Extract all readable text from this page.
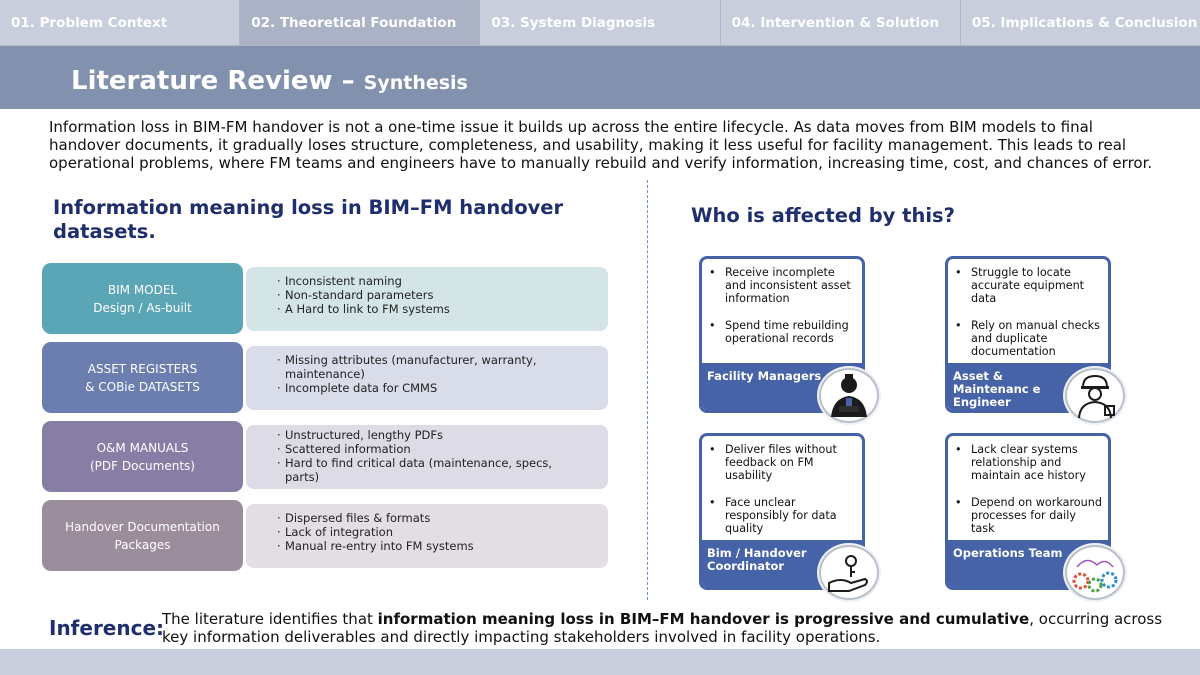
01. Problem Context	02. Theoretical Foundation	03. System Diagnosis	04. Intervention & Solution	05. Implications & Conclusion
Literature Review – Synthesis

Information loss in BIM-FM handover is not a one-time issue it builds up across the entire lifecycle. As data moves from BIM models to final handover documents, it gradually loses structure, completeness, and usability, making it less useful for facility management. This leads to real operational problems, where FM teams and engineers have to manually rebuild and verify information, increasing time, cost, and chances of error.

Information meaning loss in BIM–FM handover datasets.
BIM MODEL
Design / As-built
· Inconsistent naming
· Non-standard parameters
· A Hard to link to FM systems
ASSET REGISTERS
& COBie DATASETS
· Missing attributes (manufacturer, warranty, maintenance)
· Incomplete data for CMMS
O&M MANUALS
(PDF Documents)
· Unstructured, lengthy PDFs
· Scattered information
· Hard to find critical data (maintenance, specs, parts)
Handover Documentation
Packages
· Dispersed files & formats
· Lack of integration
· Manual re-entry into FM systems
Who is affected by this?
• Receive incomplete and inconsistent asset information
• Spend time rebuilding operational records
Facility Managers
• Struggle to locate accurate equipment data
• Rely on manual checks and duplicate documentation
Asset & Maintenanc e Engineer
• Deliver files without feedback on FM usability
• Face unclear responsibly for data quality
Bim / Handover Coordinator
• Lack clear systems relationship and maintain ace history
• Depend on workaround processes for daily task
Operations Team
Inference:

The literature identifies that information meaning loss in BIM–FM handover is progressive and cumulative, occurring across key information deliverables and directly impacting stakeholders involved in facility operations.
